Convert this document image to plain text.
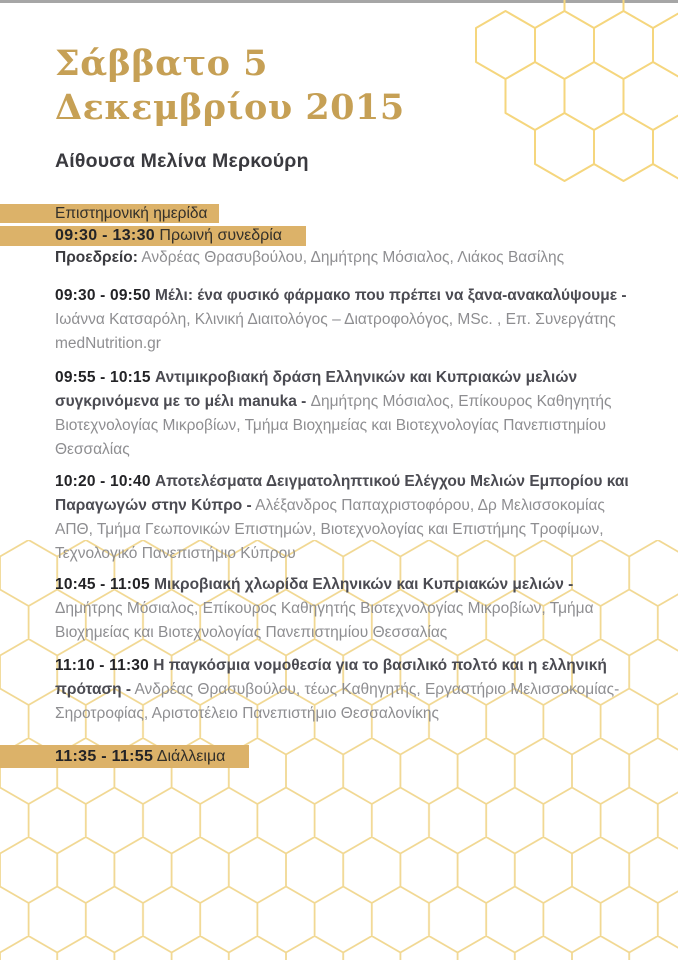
Σάββατο 5
Δεκεμβρίου 2015
Αίθουσα Μελίνα Μερκούρη
Επιστημονική ημερίδα
09:30 - 13:30 Πρωινή συνεδρία

Προεδρείο: Ανδρέας Θρασυβούλου, Δημήτρης Μόσιαλος, Λιάκος Βασίλης

09:30 - 09:50 Μέλι: ένα φυσικό φάρμακο που πρέπει να ξανα-ανακαλύψουμε - Ιωάννα Κατσαρόλη, Κλινική Διαιτολόγος – Διατροφολόγος, MSc. , Επ. Συνεργάτης medNutrition.gr

09:55 - 10:15 Αντιμικροβιακή δράση Ελληνικών και Κυπριακών μελιών συγκρινόμενα με το μέλι manuka - Δημήτρης Μόσιαλος, Επίκουρος Καθηγητής Βιοτεχνολογίας Μικροβίων, Τμήμα Βιοχημείας και Βιοτεχνολογίας Πανεπιστημίου Θεσσαλίας

10:20 - 10:40 Αποτελέσματα Δειγματοληπτικού Ελέγχου Μελιών Εμπορίου και Παραγωγών στην Κύπρο - Αλέξανδρος Παπαχριστοφόρου, Δρ Μελισσοκομίας ΑΠΘ, Τμήμα Γεωπονικών Επιστημών, Βιοτεχνολογίας και Επιστήμης Τροφίμων, Τεχνολογικό Πανεπιστήμιο Κύπρου

10:45 - 11:05 Μικροβιακή χλωρίδα Ελληνικών και Κυπριακών μελιών - Δημήτρης Μόσιαλος, Επίκουρος Καθηγητής Βιοτεχνολογίας Μικροβίων, Τμήμα Βιοχημείας και Βιοτεχνολογίας Πανεπιστημίου Θεσσαλίας

11:10 - 11:30 Η παγκόσμια νομοθεσία για το βασιλικό πολτό και η ελληνική πρόταση - Ανδρέας Θρασυβούλου, τέως Καθηγητής, Εργαστήριο Μελισσοκομίας-Σηροτροφίας, Αριστοτέλειο Πανεπιστήμιο Θεσσαλονίκης

11:35 - 11:55 Διάλλειμα
